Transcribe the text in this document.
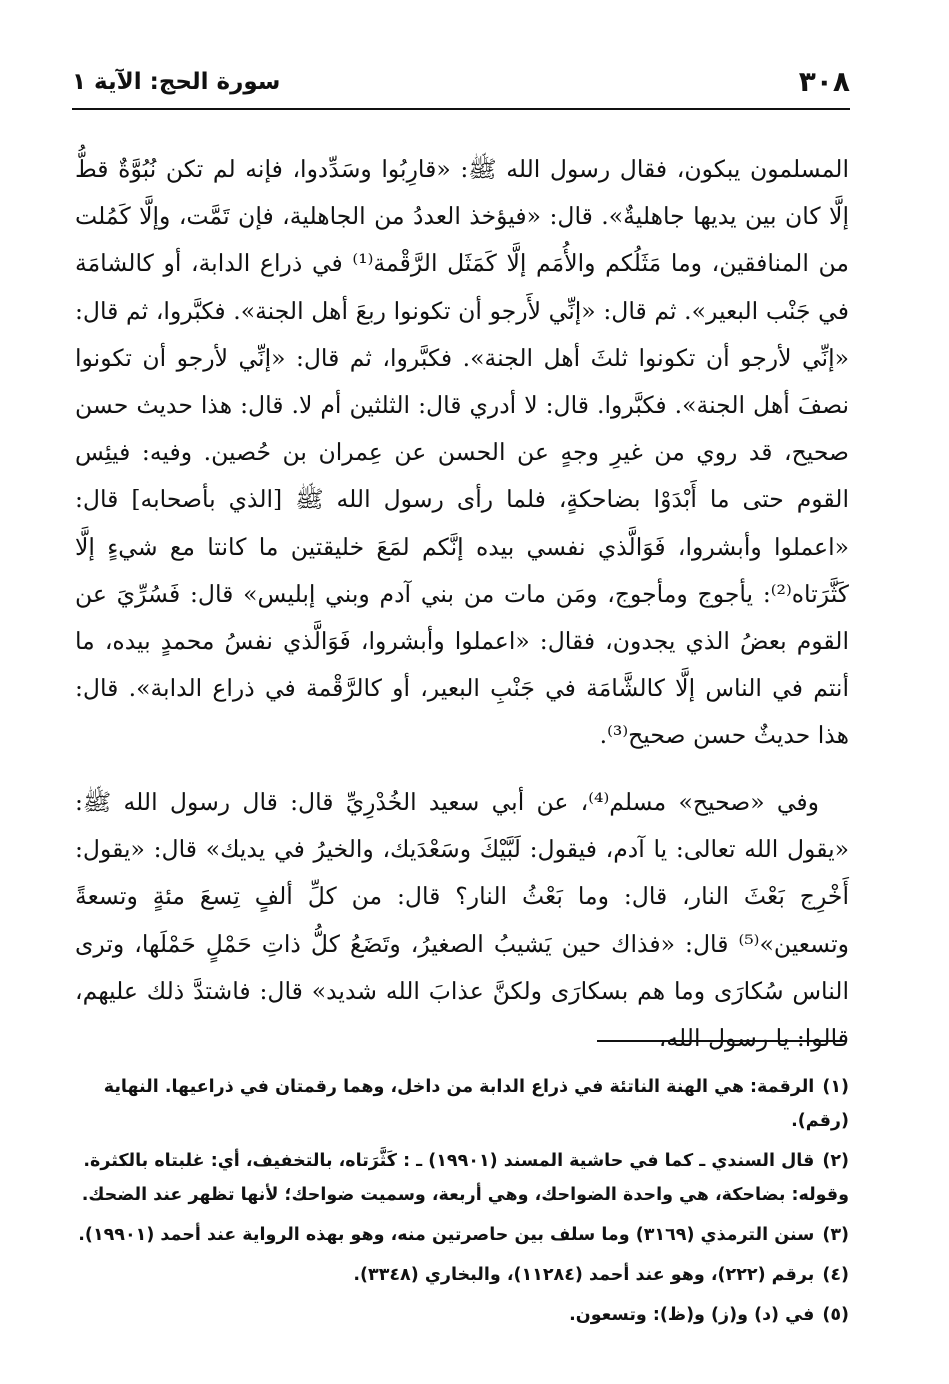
٣٠٨
سورة الحج: الآية ١

المسلمون يبكون، فقال رسول الله ﷺ: «قارِبُوا وسَدِّدوا، فإنه لم تكن نُبُوَّةٌ قطُّ إلَّا كان بين يديها جاهليةٌ». قال: «فيؤخذ العددُ من الجاهلية، فإن تَمَّت، وإلَّا كَمُلت من المنافقين، وما مَثَلُكم والأُمَم إلَّا كَمَثَل الرَّقْمة⁽¹⁾ في ذراع الدابة، أو كالشامَة في جَنْب البعير». ثم قال: «إنِّي لأَرجو أن تكونوا ربعَ أهل الجنة». فكبَّروا، ثم قال: «إنِّي لأرجو أن تكونوا ثلثَ أهل الجنة». فكبَّروا، ثم قال: «إنِّي لأرجو أن تكونوا نصفَ أهل الجنة». فكبَّروا. قال: لا أدري قال: الثلثين أم لا. قال: هذا حديث حسن صحيح، قد روي من غيرِ وجهٍ عن الحسن عن عِمران بن حُصين. وفيه: فيئِس القوم حتى ما أَبْدَوْا بضاحكةٍ، فلما رأى رسول الله ﷺ [الذي بأصحابه] قال: «اعملوا وأبشروا، فَوَالَّذي نفسي بيده إنَّكم لمَعَ خليقتين ما كانتا مع شيءٍ إلَّا كَثَّرَتاه⁽²⁾: يأجوج ومأجوج، ومَن مات من بني آدم وبني إبليس» قال: فَسُرِّيَ عن القوم بعضُ الذي يجدون، فقال: «اعملوا وأبشروا، فَوَالَّذي نفسُ محمدٍ بيده، ما أنتم في الناس إلَّا كالشَّامَة في جَنْبِ البعير، أو كالرَّقْمة في ذراع الدابة». قال: هذا حديثٌ حسن صحيح⁽³⁾.

وفي «صحيح» مسلم⁽⁴⁾، عن أبي سعيد الخُدْرِيِّ قال: قال رسول الله ﷺ: «يقول الله تعالى: يا آدم، فيقول: لَبَّيْكَ وسَعْدَيك، والخيرُ في يديك» قال: «يقول: أَخْرِج بَعْثَ النار، قال: وما بَعْثُ النار؟ قال: من كلِّ ألفٍ تِسعَ مئةٍ وتسعةً وتسعين»⁽⁵⁾ قال: «فذاك حين يَشيبُ الصغيرُ، وتَضَعُ كلُّ ذاتِ حَمْلٍ حَمْلَها، وترى الناس سُكارَى وما هم بسكارَى ولكنَّ عذابَ الله شديد» قال: فاشتدَّ ذلك عليهم، قالوا: يا رسول الله،

(١)الرقمة: هي الهنة الناتئة في ذراع الدابة من داخل، وهما رقمتان في ذراعيها. النهاية (رقم).

(٢)قال السندي ـ كما في حاشية المسند (١٩٩٠١) ـ : كَثَّرَتاه، بالتخفيف، أي: غلبتاه بالكثرة. وقوله: بضاحكة، هي واحدة الضواحك، وهي أربعة، وسميت ضواحك؛ لأنها تظهر عند الضحك.

(٣)سنن الترمذي (٣١٦٩) وما سلف بين حاصرتين منه، وهو بهذه الرواية عند أحمد (١٩٩٠١).

(٤)برقم (٢٢٢)، وهو عند أحمد (١١٢٨٤)، والبخاري (٣٣٤٨).

(٥)في (د) و(ز) و(ظ): وتسعون.
